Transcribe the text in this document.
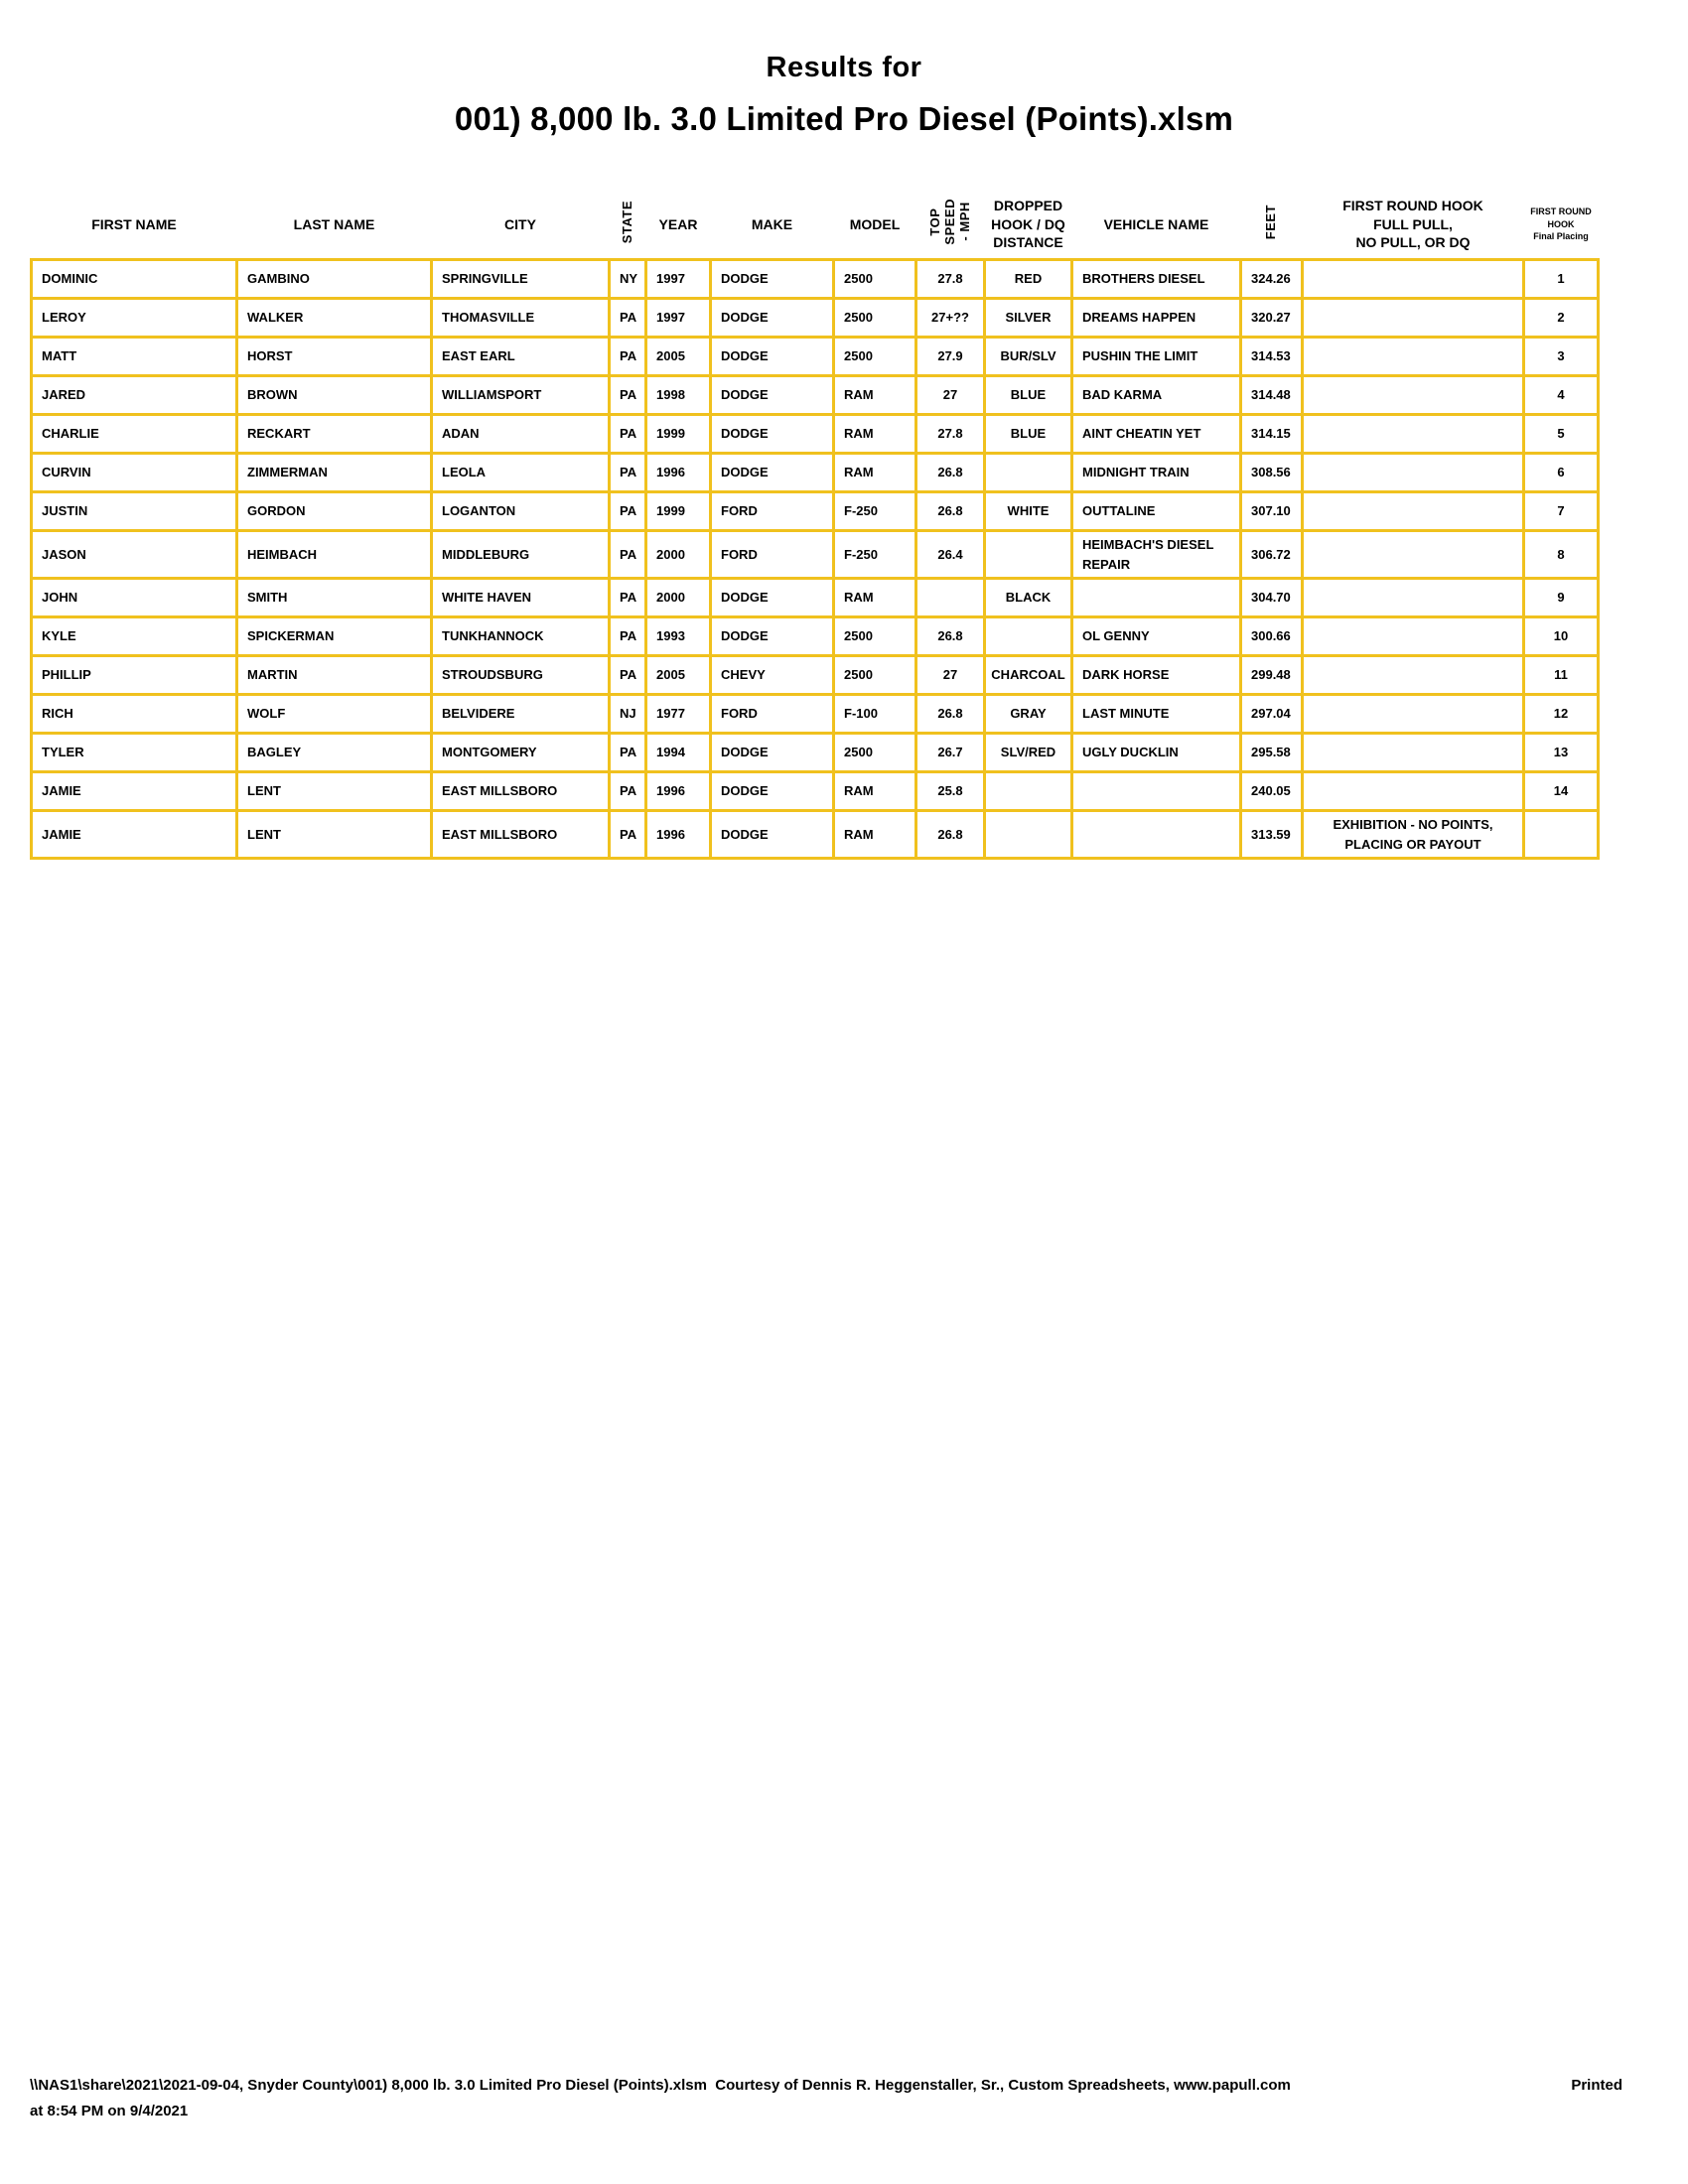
Results for
001) 8,000 lb. 3.0 Limited Pro Diesel (Points).xlsm
FIRST NAME	LAST NAME	CITY	STATE	YEAR	MAKE	MODEL	TOP
SPEED
- MPH	DROPPED
HOOK / DQ
DISTANCE	VEHICLE NAME	FEET	FIRST ROUND HOOK
FULL PULL,
NO PULL, OR DQ	FIRST ROUND
HOOK
Final Placing
DOMINIC	GAMBINO	SPRINGVILLE	NY	1997	DODGE	2500	27.8	RED	BROTHERS DIESEL	324.26		1
LEROY	WALKER	THOMASVILLE	PA	1997	DODGE	2500	27+??	SILVER	DREAMS HAPPEN	320.27		2
MATT	HORST	EAST EARL	PA	2005	DODGE	2500	27.9	BUR/SLV	PUSHIN THE LIMIT	314.53		3
JARED	BROWN	WILLIAMSPORT	PA	1998	DODGE	RAM	27	BLUE	BAD KARMA	314.48		4
CHARLIE	RECKART	ADAN	PA	1999	DODGE	RAM	27.8	BLUE	AINT CHEATIN YET	314.15		5
CURVIN	ZIMMERMAN	LEOLA	PA	1996	DODGE	RAM	26.8		MIDNIGHT TRAIN	308.56		6
JUSTIN	GORDON	LOGANTON	PA	1999	FORD	F-250	26.8	WHITE	OUTTALINE	307.10		7
JASON	HEIMBACH	MIDDLEBURG	PA	2000	FORD	F-250	26.4		HEIMBACH'S DIESEL REPAIR	306.72		8
JOHN	SMITH	WHITE HAVEN	PA	2000	DODGE	RAM		BLACK		304.70		9
KYLE	SPICKERMAN	TUNKHANNOCK	PA	1993	DODGE	2500	26.8		OL GENNY	300.66		10
PHILLIP	MARTIN	STROUDSBURG	PA	2005	CHEVY	2500	27	CHARCOAL	DARK HORSE	299.48		11
RICH	WOLF	BELVIDERE	NJ	1977	FORD	F-100	26.8	GRAY	LAST MINUTE	297.04		12
TYLER	BAGLEY	MONTGOMERY	PA	1994	DODGE	2500	26.7	SLV/RED	UGLY DUCKLIN	295.58		13
JAMIE	LENT	EAST MILLSBORO	PA	1996	DODGE	RAM	25.8			240.05		14
JAMIE	LENT	EAST MILLSBORO	PA	1996	DODGE	RAM	26.8			313.59	EXHIBITION - NO POINTS, PLACING OR PAYOUT	
\\NAS1\share\2021\2021-09-04, Snyder County\001) 8,000 lb. 3.0 Limited Pro Diesel (Points).xlsm  Courtesy of Dennis R. Heggenstaller, Sr., Custom Spreadsheets, www.papull.com	Printed
at 8:54 PM on 9/4/2021
